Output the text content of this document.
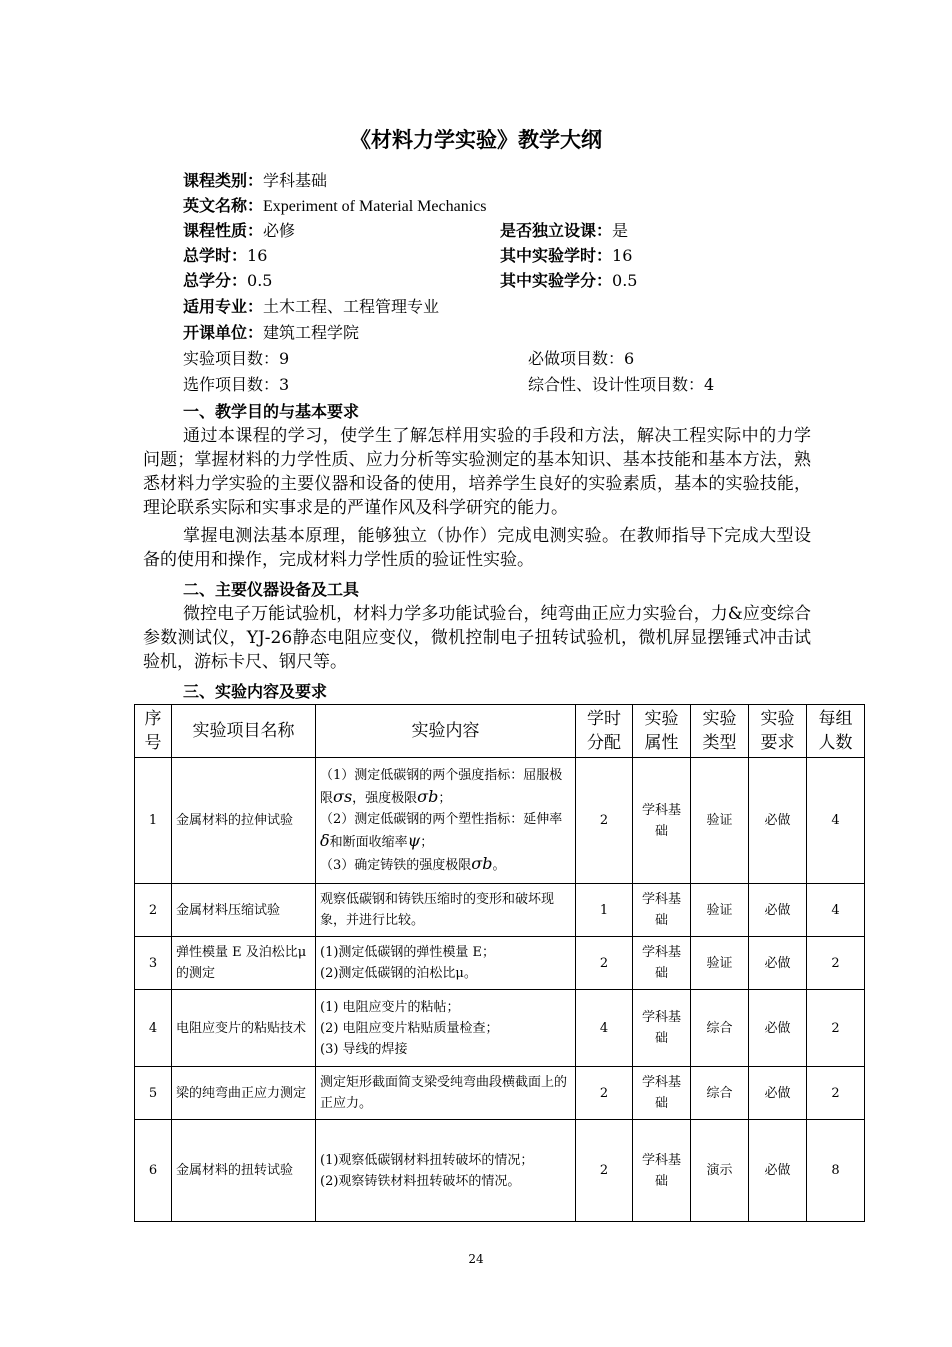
《材料力学实验》教学大纲
课程类别：学科基础
英文名称：Experiment of Material Mechanics
课程性质：必修	是否独立设课：是
总学时：16	其中实验学时：16
总学分：0.5	其中实验学分：0.5
适用专业：土木工程、工程管理专业
开课单位：建筑工程学院
实验项目数：9	必做项目数：6
选作项目数：3	综合性、设计性项目数：4
一、教学目的与基本要求
通过本课程的学习，使学生了解怎样用实验的手段和方法，解决工程实际中的力学问题；掌握材料的力学性质、应力分析等实验测定的基本知识、基本技能和基本方法，熟悉材料力学实验的主要仪器和设备的使用，培养学生良好的实验素质，基本的实验技能，理论联系实际和实事求是的严谨作风及科学研究的能力。
掌握电测法基本原理，能够独立（协作）完成电测实验。在教师指导下完成大型设备的使用和操作，完成材料力学性质的验证性实验。
二、主要仪器设备及工具
微控电子万能试验机，材料力学多功能试验台，纯弯曲正应力实验台，力&应变综合参数测试仪，YJ-26静态电阻应变仪，微机控制电子扭转试验机，微机屏显摆锤式冲击试验机，游标卡尺、钢尺等。
三、实验内容及要求
序号	实验项目名称	实验内容	学时分配	实验属性	实验类型	实验要求	每组人数
1	金属材料的拉伸试验	（1）测定低碳钢的两个强度指标：屈服极限σs，强度极限σb；
（2）测定低碳钢的两个塑性指标：延伸率δ和断面收缩率ψ；
（3）确定铸铁的强度极限σb。	2	学科基础	验证	必做	4
2	金属材料压缩试验	观察低碳钢和铸铁压缩时的变形和破坏现象，并进行比较。	1	学科基础	验证	必做	4
3	弹性模量 E 及泊松比μ的测定	(1)测定低碳钢的弹性模量 E；
(2)测定低碳钢的泊松比μ。	2	学科基础	验证	必做	2
4	电阻应变片的粘贴技术	(1) 电阻应变片的粘帖；
(2) 电阻应变片粘贴质量检查；
(3) 导线的焊接	4	学科基础	综合	必做	2
5	梁的纯弯曲正应力测定	测定矩形截面简支梁受纯弯曲段横截面上的正应力。	2	学科基础	综合	必做	2
6	金属材料的扭转试验	(1)观察低碳钢材料扭转破坏的情况；
(2)观察铸铁材料扭转破坏的情况。	2	学科基础	演示	必做	8
24
